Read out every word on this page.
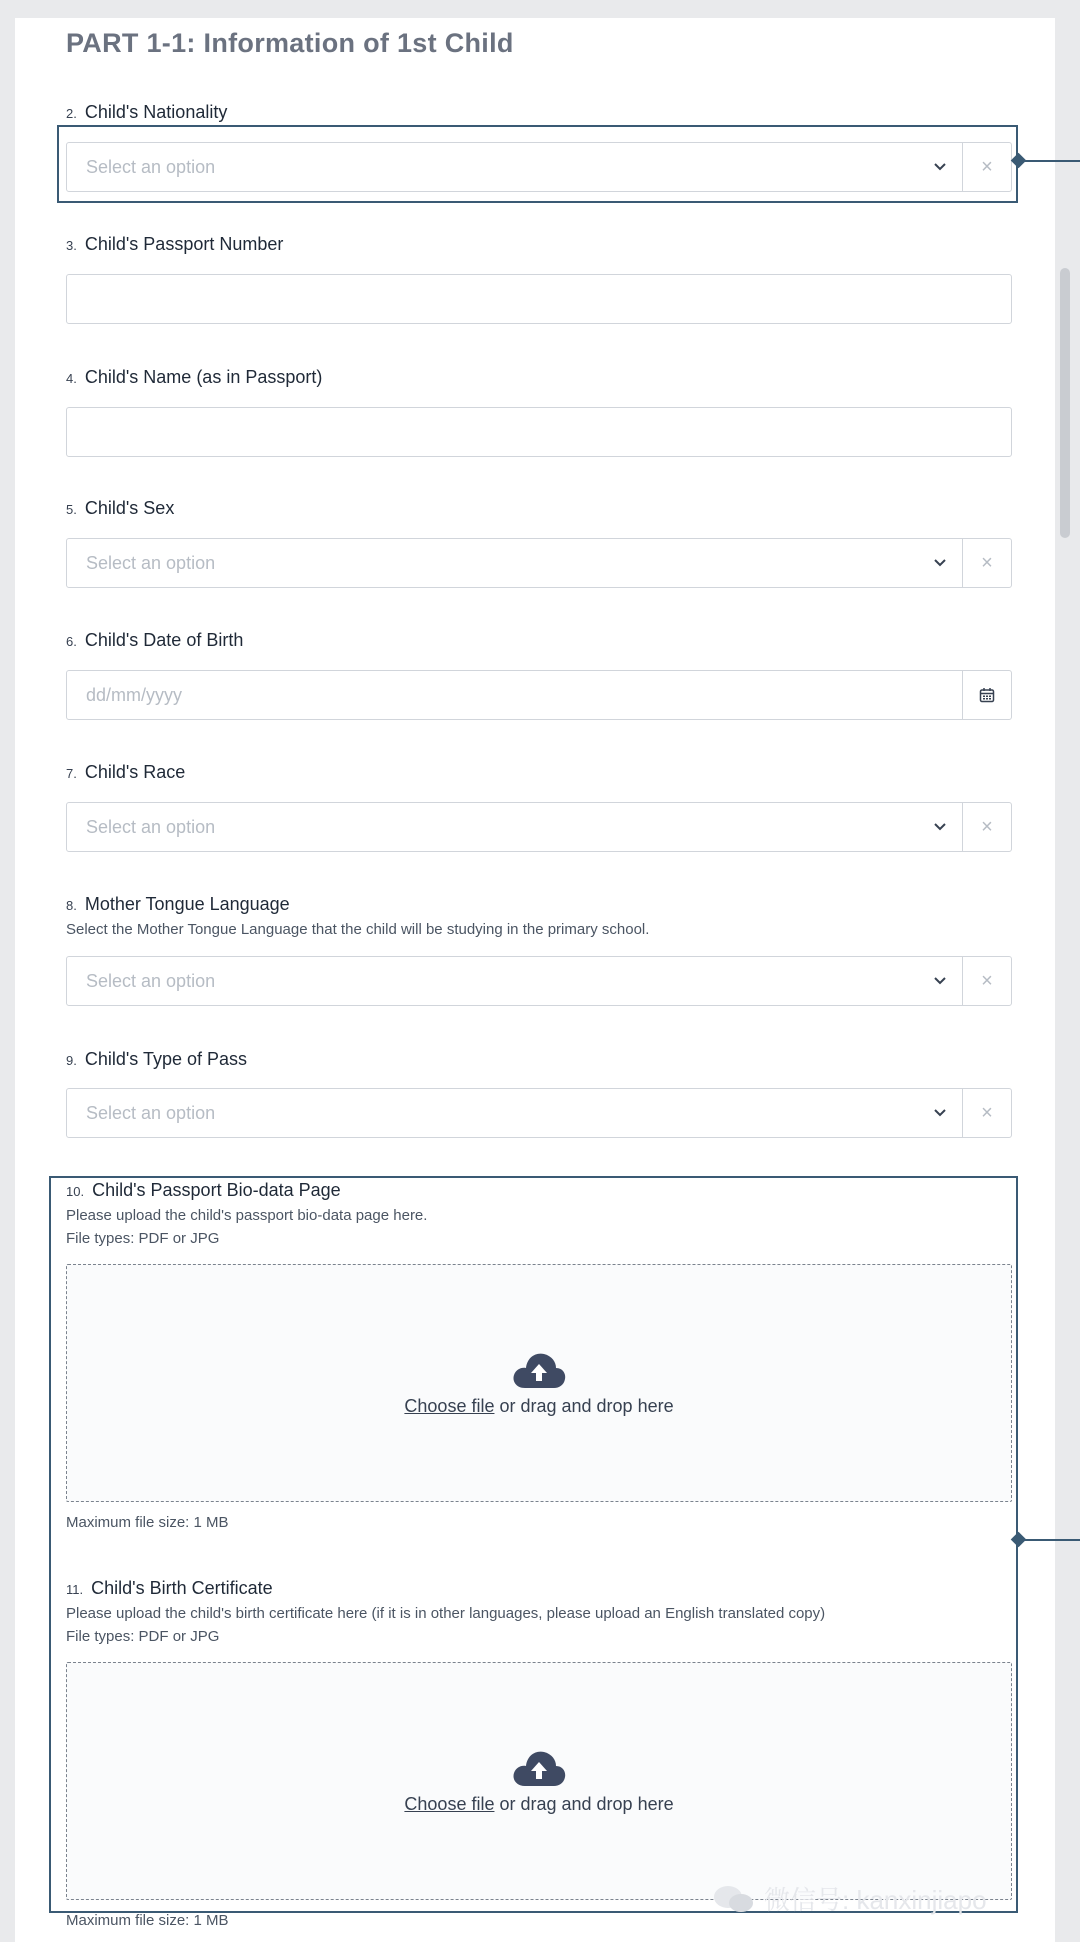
PART 1-1: Information of 1st Child
2. Child's Nationality
Select an option	×
3. Child's Passport Number
4. Child's Name (as in Passport)
5. Child's Sex
Select an option	×
6. Child's Date of Birth
dd/mm/yyyy
7. Child's Race
Select an option	×
8. Mother Tongue Language
Select the Mother Tongue Language that the child will be studying in the primary school.
Select an option	×
9. Child's Type of Pass
Select an option	×
10. Child's Passport Bio-data Page
Please upload the child's passport bio-data page here.
File types: PDF or JPG
Choose file or drag and drop here
Maximum file size: 1 MB
11. Child's Birth Certificate
Please upload the child's birth certificate here (if it is in other languages, please upload an English translated copy)
File types: PDF or JPG
Choose file or drag and drop here
Maximum file size: 1 MB
微信号: kanxinjiapo
